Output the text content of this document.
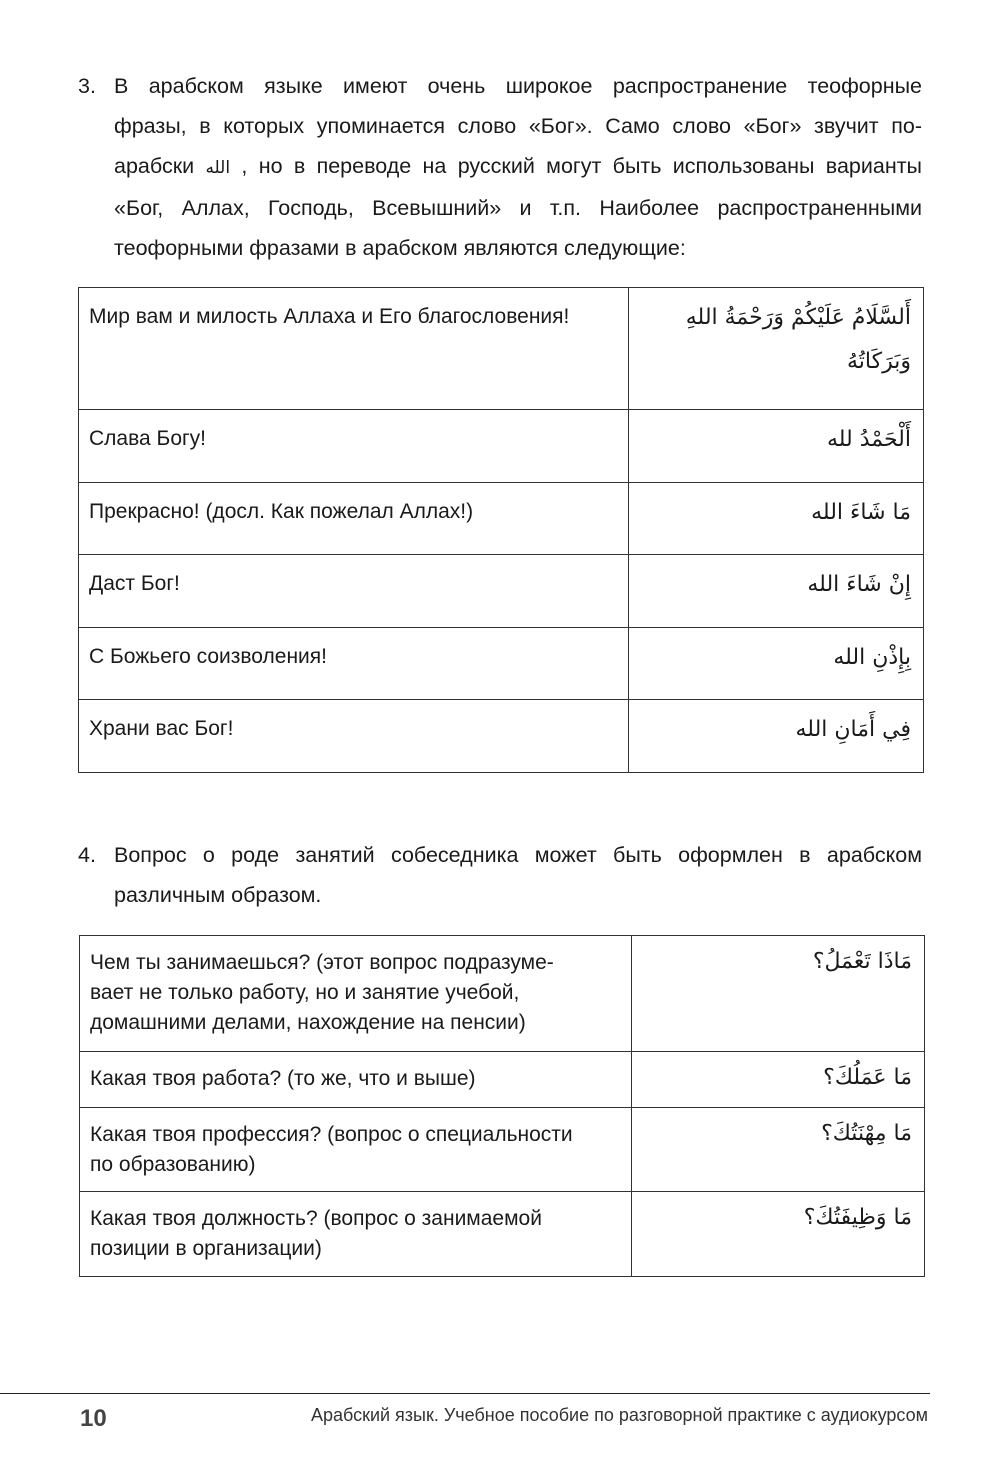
3. В арабском языке имеют очень широкое распространение теофорные
фразы, в которых упоминается слово «Бог». Само слово «Бог» звучит по-
арабски الله , но в переводе на русский могут быть использованы варианты
«Бог, Аллах, Господь, Всевышний» и т.п. Наиболее распространенными
теофорными фразами в арабском являются следующие:
Мир вам и милость Аллаха и Его благословения!	أَلسَّلَامُ عَلَيْكُمْ وَرَحْمَةُ اللهِ
وَبَرَكَاتُهُ

Слава Богу!	أَلْحَمْدُ لله
Прекрасно! (досл. Как пожелал Аллах!)	مَا شَاءَ الله
Даст Бог!	إِنْ شَاءَ الله
С Божьего соизволения!	بِإِذْنِ الله
Храни вас Бог!	فِي أَمَانِ الله
4. Вопрос о роде занятий собеседника может быть оформлен в арабском
различным образом.
Чем ты занимаешься? (этот вопрос подразуме-
вает не только работу, но и занятие учебой,
домашними делами, нахождение на пенсии)	مَاذَا تَعْمَلُ؟

Какая твоя работа? (то же, что и выше)	مَا عَمَلُكَ؟

Какая твоя профессия? (вопрос о специальности
по образованию)	مَا مِهْنَتُكَ؟

Какая твоя должность? (вопрос о занимаемой
позиции в организации)	مَا وَظِيفَتُكَ؟
10	Арабский язык. Учебное пособие по разговорной практике с аудиокурсом
